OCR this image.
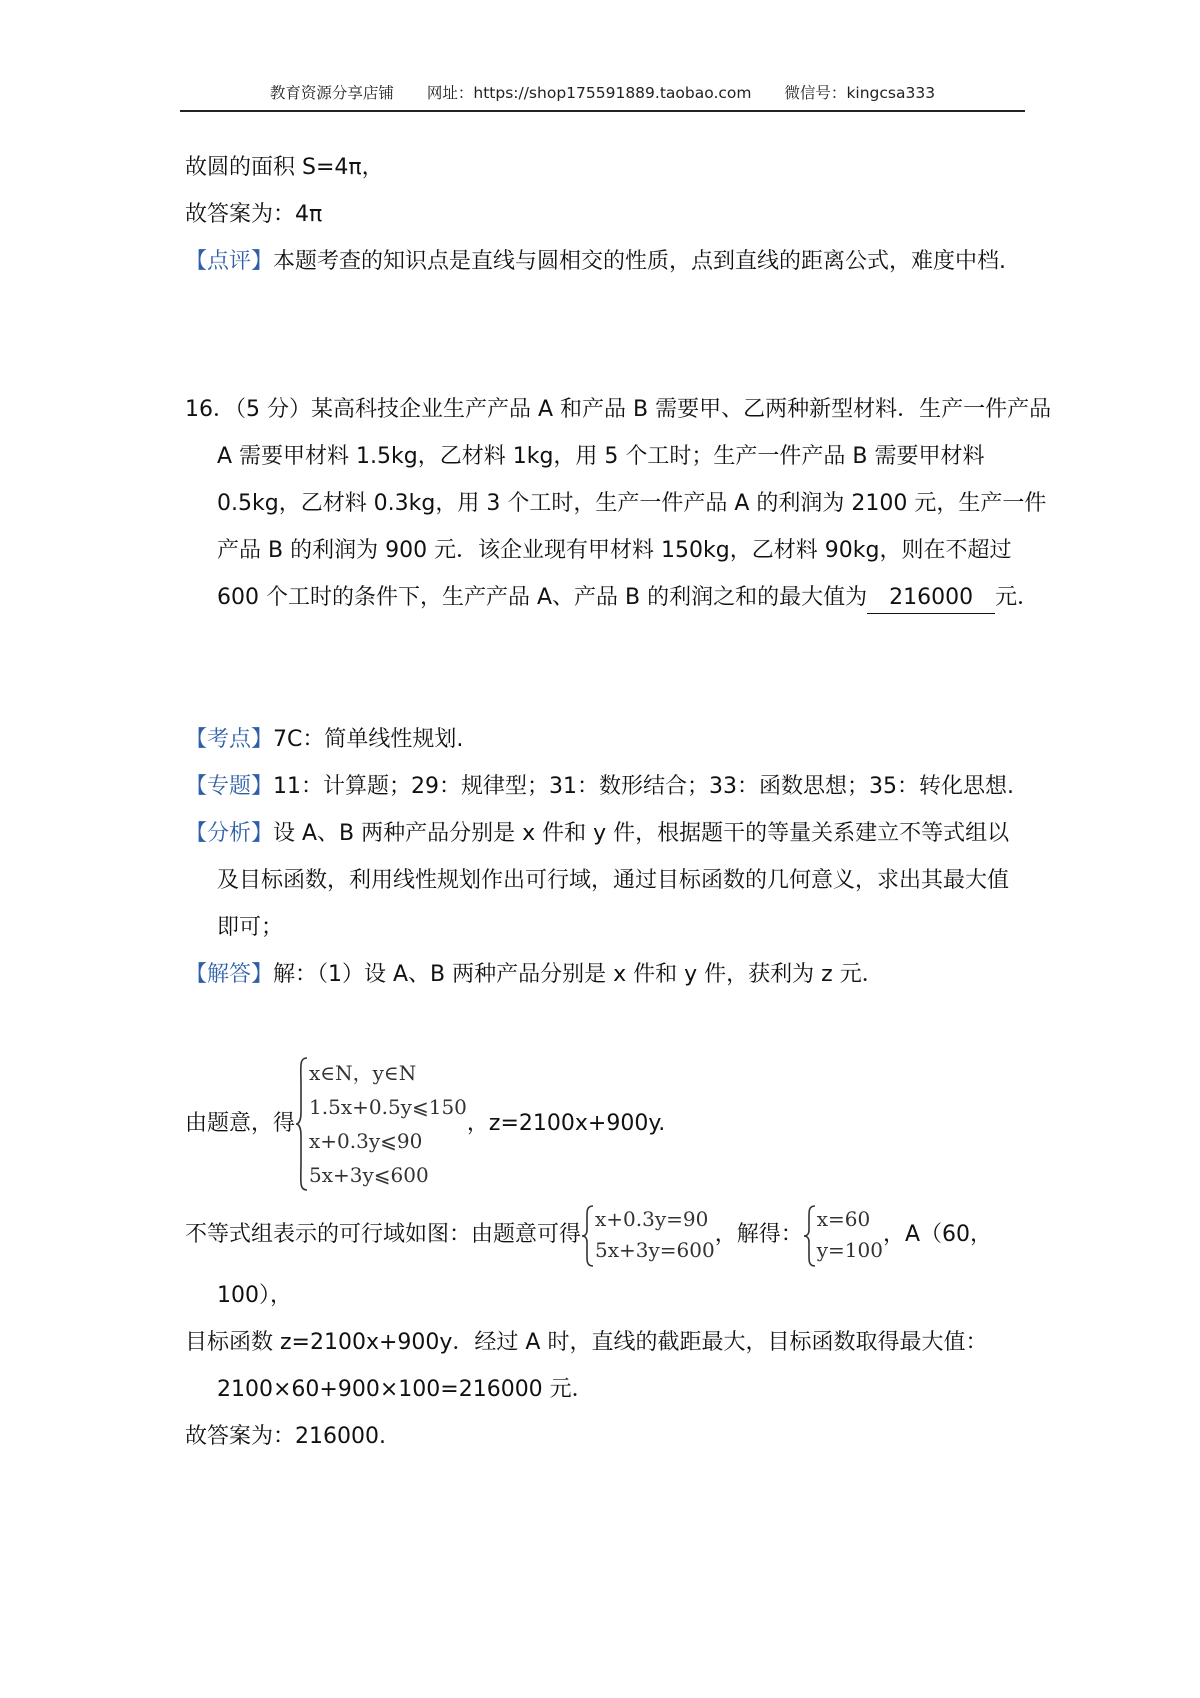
教育资源分享店铺 网址：https://shop175591889.taobao.com 微信号：kingcsa333
故圆的面积 S=4π，
故答案为：4π
【点评】本题考查的知识点是直线与圆相交的性质，点到直线的距离公式，难度中档.
16．（5 分）某高科技企业生产产品 A 和产品 B 需要甲、乙两种新型材料．生产一件产品 A 需要甲材料 1.5kg，乙材料 1kg，用 5 个工时；生产一件产品 B 需要甲材料 0.5kg，乙材料 0.3kg，用 3 个工时，生产一件产品 A 的利润为 2100 元，生产一件产品 B 的利润为 900 元．该企业现有甲材料 150kg，乙材料 90kg，则在不超过 600 个工时的条件下，生产产品 A、产品 B 的利润之和的最大值为 216000 元．
【考点】7C：简单线性规划.
【专题】11：计算题；29：规律型；31：数形结合；33：函数思想；35：转化思想.
【分析】设 A、B 两种产品分别是 x 件和 y 件，根据题干的等量关系建立不等式组以及目标函数，利用线性规划作出可行域，通过目标函数的几何意义，求出其最大值即可；
【解答】解：（1）设 A、B 两种产品分别是 x 件和 y 件，获利为 z 元．
由题意，得
x∈N，y∈N
1.5x+0.5y⩽150
x+0.3y⩽90
5x+3y⩽600
，z=2100x+900y.
不等式组表示的可行域如图：由题意可得
x+0.3y=90
5x+3y=600
，解得：
x=60
y=100
，A（60，
100），
目标函数 z=2100x+900y．经过 A 时，直线的截距最大，目标函数取得最大值：2100×60+900×100=216000 元．
故答案为：216000.
